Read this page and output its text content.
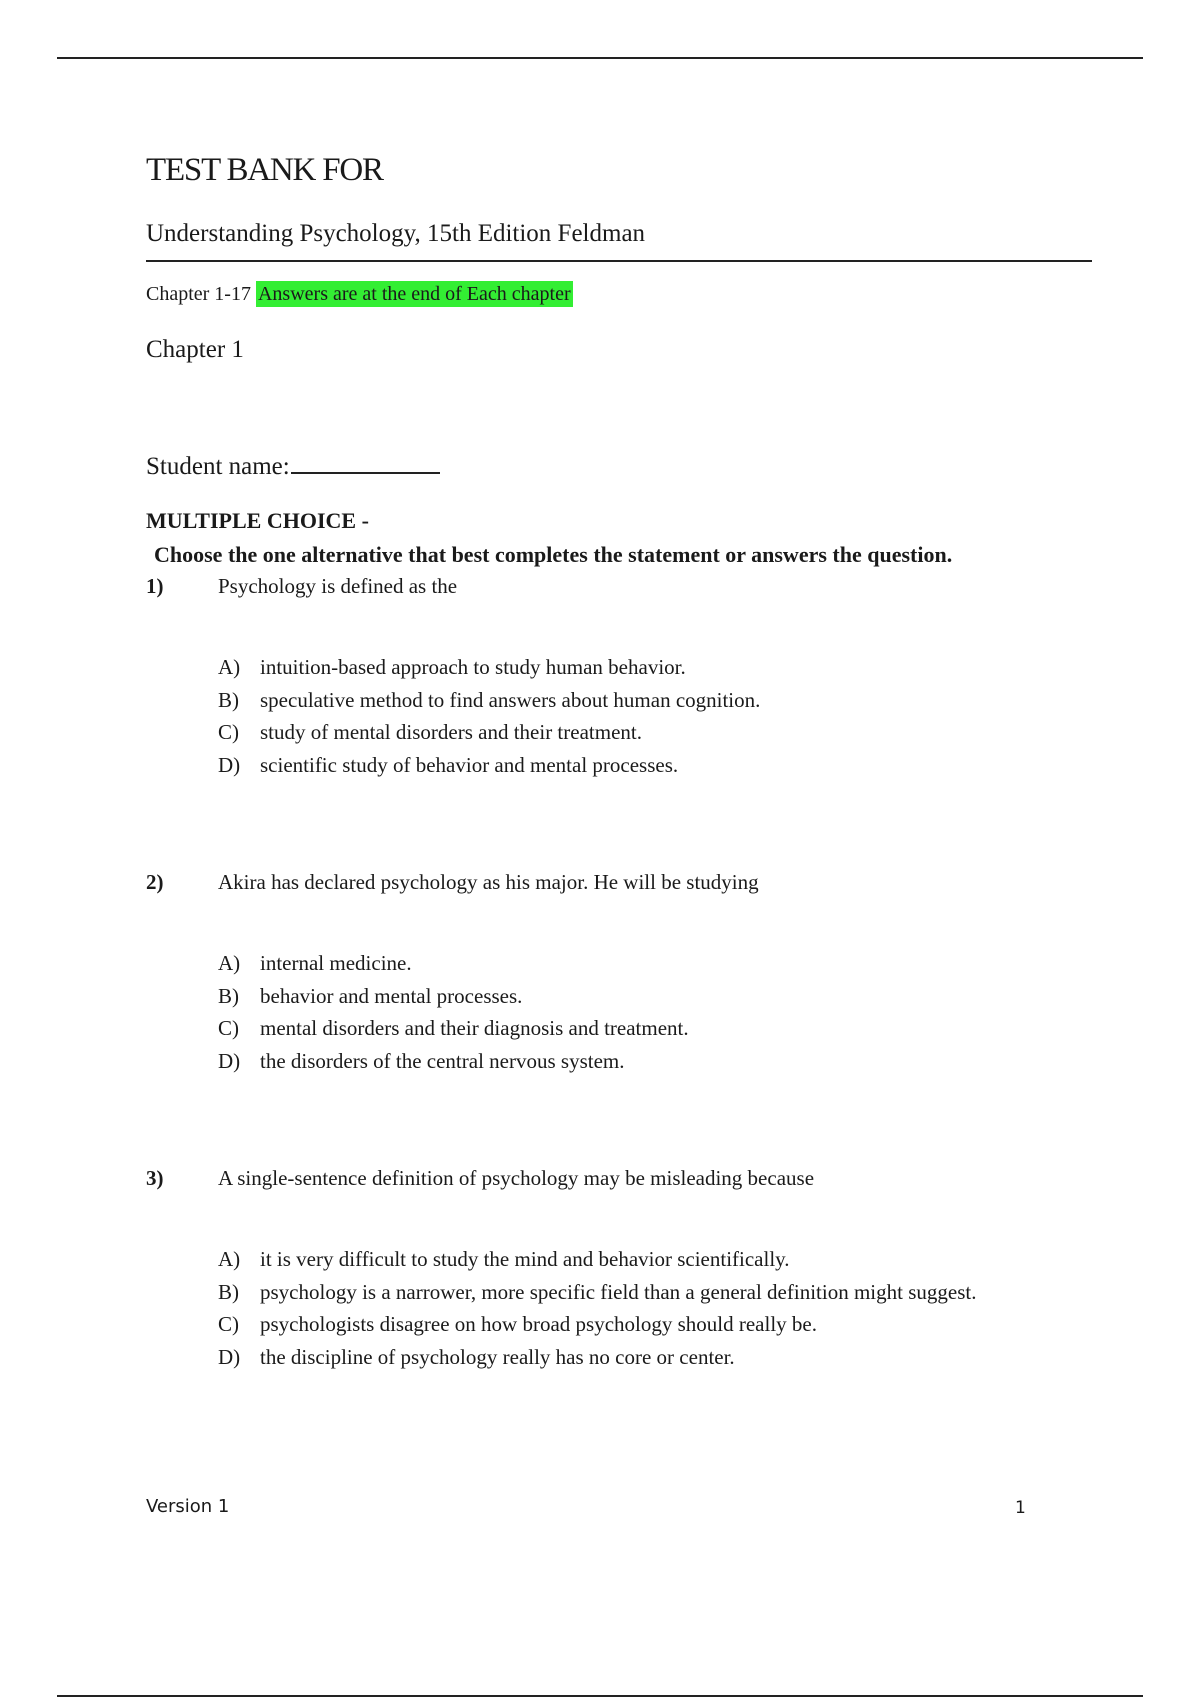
TEST BANK FOR
Understanding Psychology, 15th Edition Feldman
Chapter 1-17 Answers are at the end of Each chapter
Chapter 1
Student name:
MULTIPLE CHOICE -
Choose the one alternative that best completes the statement or answers the question.
1)	Psychology is defined as the
A) intuition-based approach to study human behavior.
B) speculative method to find answers about human cognition.
C) study of mental disorders and their treatment.
D) scientific study of behavior and mental processes.
2)	Akira has declared psychology as his major. He will be studying
A) internal medicine.
B) behavior and mental processes.
C) mental disorders and their diagnosis and treatment.
D) the disorders of the central nervous system.
3)	A single-sentence definition of psychology may be misleading because
A) it is very difficult to study the mind and behavior scientifically.
B) psychology is a narrower, more specific field than a general definition might suggest.
C) psychologists disagree on how broad psychology should really be.
D) the discipline of psychology really has no core or center.
Version 1	1
